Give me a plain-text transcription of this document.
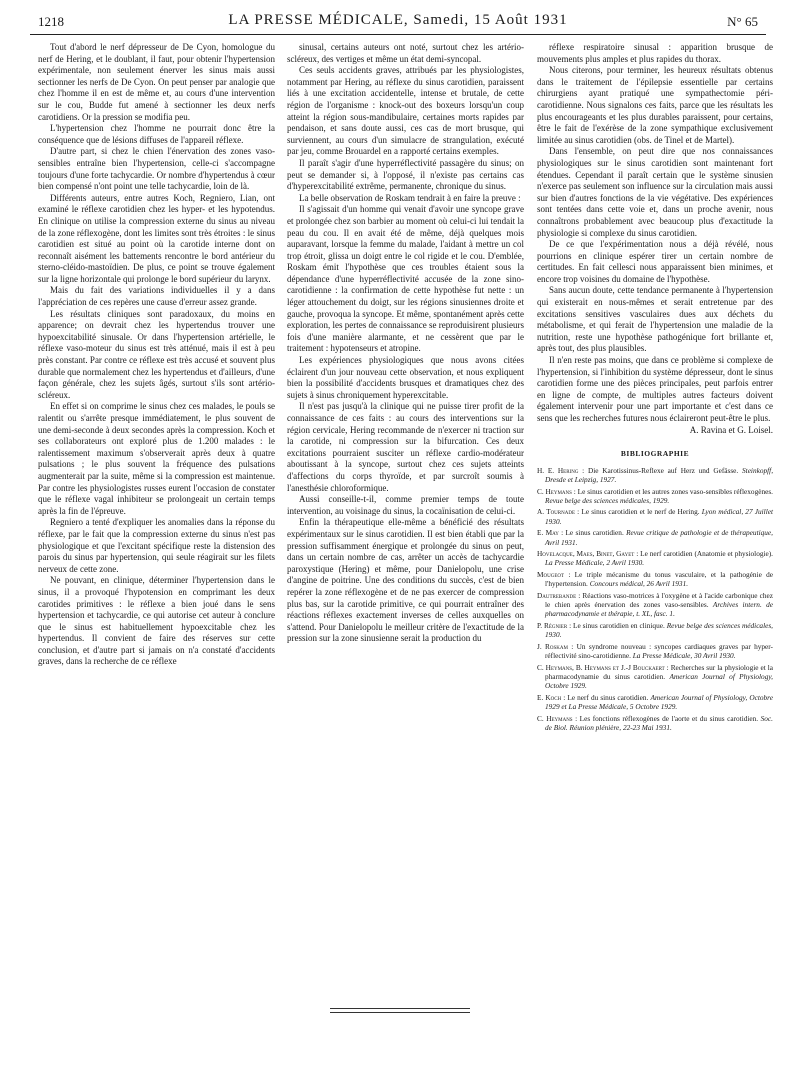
1218	LA PRESSE MÉDICALE, Samedi, 15 Août 1931	N° 65

Tout d'abord le nerf dépresseur de De Cyon, homologue du nerf de Hering, et le doublant, il faut, pour obtenir l'hypertension expérimentale, non seulement énerver les sinus mais aussi sectionner les nerfs de De Cyon. On peut penser par analogie que chez l'homme il en est de même et, au cours d'une intervention sur le cou, Budde fut amené à sectionner les deux nerfs carotidiens. Or la pression se modifia peu.

L'hypertension chez l'homme ne pourrait donc être la conséquence que de lésions diffuses de l'appareil réflexe.

D'autre part, si chez le chien l'énervation des zones vaso-sensibles entraîne bien l'hypertension, celle-ci s'accompagne toujours d'une forte tachycardie. Or nombre d'hypertendus à cœur bien compensé n'ont point une telle tachycardie, loin de là.

Différents auteurs, entre autres Koch, Regniero, Lian, ont examiné le réflexe carotidien chez les hyper- et les hypotendus. En clinique on utilise la compression externe du sinus au niveau de la zone réflexogène, dont les limites sont très étroites : le sinus carotidien est situé au point où la carotide interne dont on reconnaît aisément les battements rencontre le bord antérieur du sterno-cléido-mastoïdien. De plus, ce point se trouve également sur la ligne horizontale qui prolonge le bord supérieur du larynx.

Mais du fait des variations individuelles il y a dans l'appréciation de ces repères une cause d'erreur assez grande.

Les résultats cliniques sont paradoxaux, du moins en apparence; on devrait chez les hypertendus trouver une hypoexcitabilité sinusale. Or dans l'hypertension artérielle, le réflexe vaso-moteur du sinus est très atténué, mais il est à peu près constant. Par contre ce réflexe est très accusé et souvent plus durable que normalement chez les hypertendus et d'ailleurs, d'une façon générale, chez les sujets âgés, surtout s'ils sont artério-scléreux.

En effet si on comprime le sinus chez ces malades, le pouls se ralentit ou s'arrête presque immédiatement, le plus souvent de une demi-seconde à deux secondes après la compression. Koch et ses collaborateurs ont exploré plus de 1.200 malades : le ralentissement maximum s'observerait après deux à quatre pulsations ; le plus souvent la fréquence des pulsations augmenterait par la suite, même si la compression est maintenue. Par contre les physiologistes russes eurent l'occasion de constater que le réflexe vagal inhibiteur se prolongeait un certain temps après la fin de l'épreuve.

Regniero a tenté d'expliquer les anomalies dans la réponse du réflexe, par le fait que la compression externe du sinus n'est pas physiologique et que l'excitant spécifique reste la distension des parois du sinus par hypertension, qui seule réagirait sur les filets nerveux de cette zone.

Ne pouvant, en clinique, déterminer l'hypertension dans le sinus, il a provoqué l'hypotension en comprimant les deux carotides primitives : le réflexe a bien joué dans le sens hypertension et tachycardie, ce qui autorise cet auteur à conclure que le sinus est habituellement hypoexcitable chez les hypertendus. Il convient de faire des réserves sur cette conclusion, et d'autre part si jamais on n'a constaté d'accidents graves, dans la recherche de ce réflexe

sinusal, certains auteurs ont noté, surtout chez les artério-scléreux, des vertiges et même un état demi-syncopal.

Ces seuls accidents graves, attribués par les physiologistes, notamment par Hering, au réflexe du sinus carotidien, paraissent liés à une excitation accidentelle, intense et brutale, de cette région de l'organisme : knock-out des boxeurs lorsqu'un coup atteint la région sous-mandibulaire, certaines morts rapides par pendaison, et sans doute aussi, ces cas de mort brusque, qui surviennent, au cours d'un simulacre de strangulation, exécuté par jeu, comme Brouardel en a rapporté certains exemples.

Il paraît s'agir d'une hyperréflectivité passagère du sinus; on peut se demander si, à l'opposé, il n'existe pas certains cas d'hyperexcitabilité extrême, permanente, chronique du sinus.

La belle observation de Roskam tendrait à en faire la preuve :

Il s'agissait d'un homme qui venait d'avoir une syncope grave et prolongée chez son barbier au moment où celui-ci lui tendait la peau du cou. Il en avait été de même, déjà quelques mois auparavant, lorsque la femme du malade, l'aidant à mettre un col trop étroit, glissa un doigt entre le col rigide et le cou. D'emblée, Roskam émit l'hypothèse que ces troubles étaient sous la dépendance d'une hyperréflectivité accusée de la zone sino-carotidienne : la confirmation de cette hypothèse fut nette : un léger attouchement du doigt, sur les régions sinusiennes droite et gauche, provoqua la syncope. Et même, spontanément après cette exploration, les pertes de connaissance se reproduisirent plusieurs fois d'une manière alarmante, et ne cessèrent que par le traitement : hypotenseurs et atropine.

Les expériences physiologiques que nous avons citées éclairent d'un jour nouveau cette observation, et nous expliquent bien la possibilité d'accidents brusques et dramatiques chez des sujets à sinus chroniquement hyperexcitable.

Il n'est pas jusqu'à la clinique qui ne puisse tirer profit de la connaissance de ces faits : au cours des interventions sur la région cervicale, Hering recommande de n'exercer ni traction sur la carotide, ni compression sur la bifurcation. Ces deux excitations pourraient susciter un réflexe cardio-modérateur aboutissant à la syncope, surtout chez ces sujets atteints d'affections du corps thyroïde, et par surcroît soumis à l'anesthésie chloroformique.

Aussi conseille-t-il, comme premier temps de toute intervention, au voisinage du sinus, la cocaïnisation de celui-ci.

Enfin la thérapeutique elle-même a bénéficié des résultats expérimentaux sur le sinus carotidien. Il est bien établi que par la pression suffisamment énergique et prolongée du sinus on peut, dans un certain nombre de cas, arrêter un accès de tachycardie paroxystique (Hering) et même, pour Danielopolu, une crise d'angine de poitrine. Une des conditions du succès, c'est de bien repérer la zone réflexogène et de ne pas exercer de compression plus bas, sur la carotide primitive, ce qui pourrait entraîner des réactions réflexes exactement inverses de celles auxquelles on s'attend. Pour Danielopolu le meilleur critère de l'exactitude de la pression sur la zone sinusienne serait la production du

réflexe respiratoire sinusal : apparition brusque de mouvements plus amples et plus rapides du thorax.

Nous citerons, pour terminer, les heureux résultats obtenus dans le traitement de l'épilepsie essentielle par certains chirurgiens ayant pratiqué une sympathectomie péri-carotidienne. Nous signalons ces faits, parce que les résultats les plus encourageants et les plus durables paraissent, pour certains, être le fait de l'exérèse de la zone sympathique exclusivement limitée au sinus carotidien (obs. de Tinel et de Martel).

Dans l'ensemble, on peut dire que nos connaissances physiologiques sur le sinus carotidien sont maintenant fort étendues. Cependant il paraît certain que le système sinusien n'exerce pas seulement son influence sur la circulation mais aussi sur bien d'autres fonctions de la vie végétative. Des expériences sont tentées dans cette voie et, dans un proche avenir, nous connaîtrons probablement avec beaucoup plus d'exactitude la physiologie si complexe du sinus carotidien.

De ce que l'expérimentation nous a déjà révélé, nous pourrions en clinique espérer tirer un certain nombre de certitudes. En fait cellesci nous apparaissent bien minimes, et encore trop voisines du domaine de l'hypothèse.

Sans aucun doute, cette tendance permanente à l'hypertension qui existerait en nous-mêmes et serait entretenue par des excitations sensitives vasculaires dues aux déchets du métabolisme, et qui ferait de l'hypertension une maladie de la nutrition, reste une hypothèse pathogénique fort brillante et, après tout, des plus plausibles.

Il n'en reste pas moins, que dans ce problème si complexe de l'hypertension, si l'inhibition du système dépresseur, dont le sinus carotidien forme une des pièces principales, peut parfois entrer en ligne de compte, de multiples autres facteurs doivent également intervenir pour une part importante et c'est dans ce sens que les recherches futures nous éclaireront peut-être le plus.

A. Ravina et G. Loisel.

BIBLIOGRAPHIE
H. E. Hering : Die Karotissinus-Reflexe auf Herz und Gefässe. Steinkopff, Dresde et Leipzig, 1927.
C. Heymans : Le sinus carotidien et les autres zones vaso-sensibles réflexogènes. Revue belge des sciences médicales, 1929.
A. Tournade : Le sinus carotidien et le nerf de Hering. Lyon médical, 27 Juillet 1930.
E. May : Le sinus carotidien. Revue critique de pathologie et de thérapeutique, Avril 1931.
Hovelacque, Maes, Binet, Gayet : Le nerf carotidien (Anatomie et physiologie). La Presse Médicale, 2 Avril 1930.
Mougeot : Le triple mécanisme du tonus vasculaire, et la pathogénie de l'hypertension. Concours médical, 26 Avril 1931.
Dautrebande : Réactions vaso-motrices à l'oxygène et à l'acide carbonique chez le chien après énervation des zones vaso-sensibles. Archives intern. de pharmacodynamie et thérapie, t. XL, fasc. 1.
P. Régnier : Le sinus carotidien en clinique. Revue belge des sciences médicales, 1930.
J. Roskam : Un syndrome nouveau : syncopes cardiaques graves par hyper-réflectivité sino-carotidienne. La Presse Médicale, 30 Avril 1930.
C. Heymans, B. Heymans et J.-J Bouckaert : Recherches sur la physiologie et la pharmacodynamie du sinus carotidien. American Journal of Physiology, Octobre 1929.
E. Koch : Le nerf du sinus carotidien. American Journal of Physiology, Octobre 1929 et La Presse Médicale, 5 Octobre 1929.
C. Heymans : Les fonctions réflexogènes de l'aorte et du sinus carotidien. Soc. de Biol. Réunion plénière, 22-23 Mai 1931.
